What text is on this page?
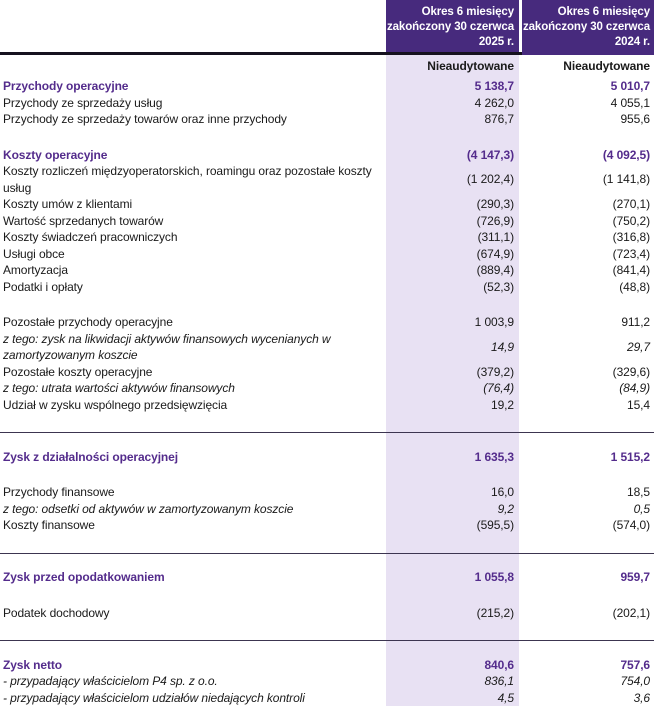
Okres 6 miesięcy zakończony 30 czerwca 2025 r.
Okres 6 miesięcy zakończony 30 czerwca 2024 r.
Nieaudytowane	Nieaudytowane
Przychody operacyjne	5 138,7	5 010,7
Przychody ze sprzedaży usług	4 262,0	4 055,1
Przychody ze sprzedaży towarów oraz inne przychody	876,7	955,6
Koszty operacyjne	(4 147,3)	(4 092,5)
Koszty rozliczeń międzyoperatorskich, roamingu oraz pozostałe koszty usług
(1 202,4)	(1 141,8)
Koszty umów z klientami	(290,3)	(270,1)
Wartość sprzedanych towarów	(726,9)	(750,2)
Koszty świadczeń pracowniczych	(311,1)	(316,8)
Usługi obce	(674,9)	(723,4)
Amortyzacja	(889,4)	(841,4)
Podatki i opłaty	(52,3)	(48,8)
Pozostałe przychody operacyjne	1 003,9	911,2
z tego: zysk na likwidacji aktywów finansowych wycenianych w zamortyzowanym koszcie
14,9	29,7
Pozostałe koszty operacyjne	(379,2)	(329,6)
z tego: utrata wartości aktywów finansowych	(76,4)	(84,9)
Udział w zysku wspólnego przedsięwzięcia	19,2	15,4
Zysk z działalności operacyjnej	1 635,3	1 515,2
Przychody finansowe	16,0	18,5
z tego: odsetki od aktywów w zamortyzowanym koszcie	9,2	0,5
Koszty finansowe	(595,5)	(574,0)
Zysk przed opodatkowaniem	1 055,8	959,7
Podatek dochodowy	(215,2)	(202,1)
Zysk netto	840,6	757,6
- przypadający właścicielom P4 sp. z o.o.	836,1	754,0
- przypadający właścicielom udziałów niedających kontroli	4,5	3,6
